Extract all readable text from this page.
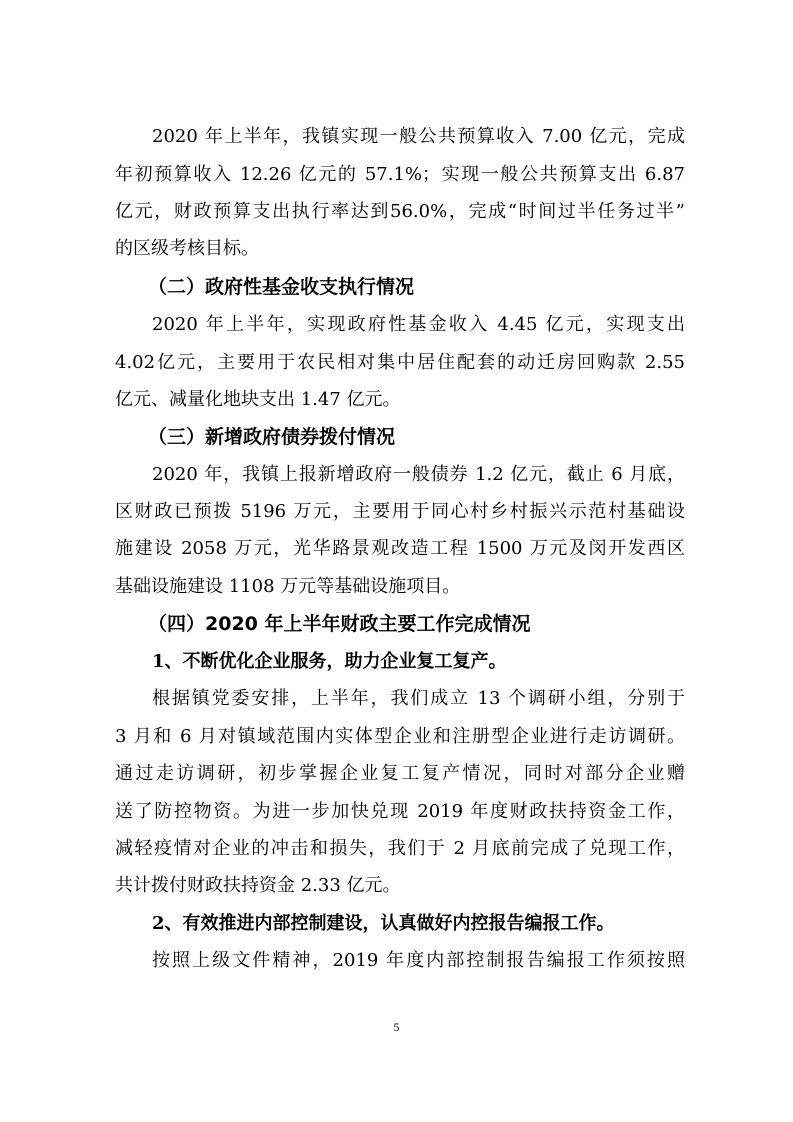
2020 年上半年，我镇实现一般公共预算收入 7.00 亿元，完成
年初预算收入 12.26 亿元的 57.1%；实现一般公共预算支出 6.87
亿元，财政预算支出执行率达到56.0%，完成“时间过半任务过半”
的区级考核目标。
（二）政府性基金收支执行情况
2020 年上半年，实现政府性基金收入 4.45 亿元，实现支出
4.02亿元，主要用于农民相对集中居住配套的动迁房回购款 2.55
亿元、减量化地块支出 1.47 亿元。
（三）新增政府债券拨付情况
2020 年，我镇上报新增政府一般债券 1.2 亿元，截止 6 月底，
区财政已预拨 5196 万元，主要用于同心村乡村振兴示范村基础设
施建设 2058 万元，光华路景观改造工程 1500 万元及闵开发西区
基础设施建设 1108 万元等基础设施项目。
（四）2020 年上半年财政主要工作完成情况
1、不断优化企业服务，助力企业复工复产。
根据镇党委安排，上半年，我们成立 13 个调研小组，分别于
3 月和 6 月对镇域范围内实体型企业和注册型企业进行走访调研。
通过走访调研，初步掌握企业复工复产情况，同时对部分企业赠
送了防控物资。为进一步加快兑现 2019 年度财政扶持资金工作，
减轻疫情对企业的冲击和损失，我们于 2 月底前完成了兑现工作，
共计拨付财政扶持资金 2.33 亿元。
2、有效推进内部控制建设，认真做好内控报告编报工作。
按照上级文件精神，2019 年度内部控制报告编报工作须按照
5
